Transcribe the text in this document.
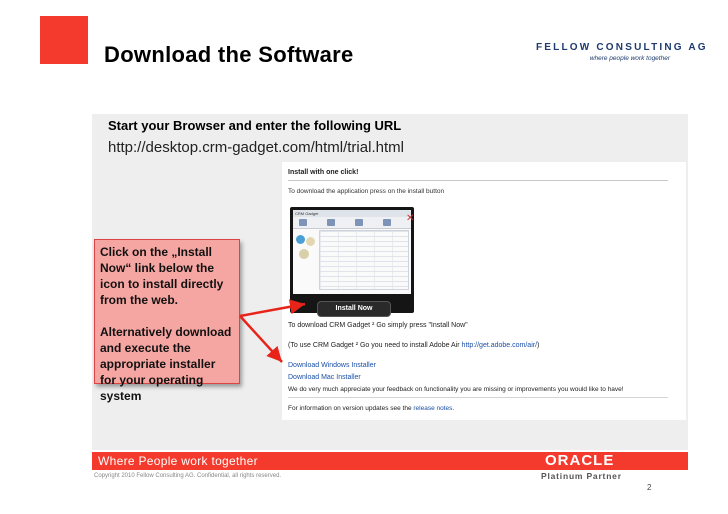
Download the Software	FELLOW CONSULTING AG
where people work together
Start your Browser and enter the following URL
http://desktop.crm-gadget.com/html/trial.html
Install with one click!
To download the application press on the install button
CRM Gadget
Install Now
✕
To download CRM Gadget ² Go simply press "Install Now"
(To use CRM Gadget ² Go you need to install Adobe Air http://get.adobe.com/air/)
Download Windows Installer
Download Mac Installer
We do very much appreciate your feedback on functionality you are missing or improvements you would like to have!
For information on version updates see the release notes.

Click on the „Install Now“ link below the icon to install directly from the web.

Alternatively download and execute the appropriate installer for your operating system

Where People work together	ORACLE
Copyright 2010 Fellow Consulting AG. Confidential, all rights reserved.	Platinum Partner
2
